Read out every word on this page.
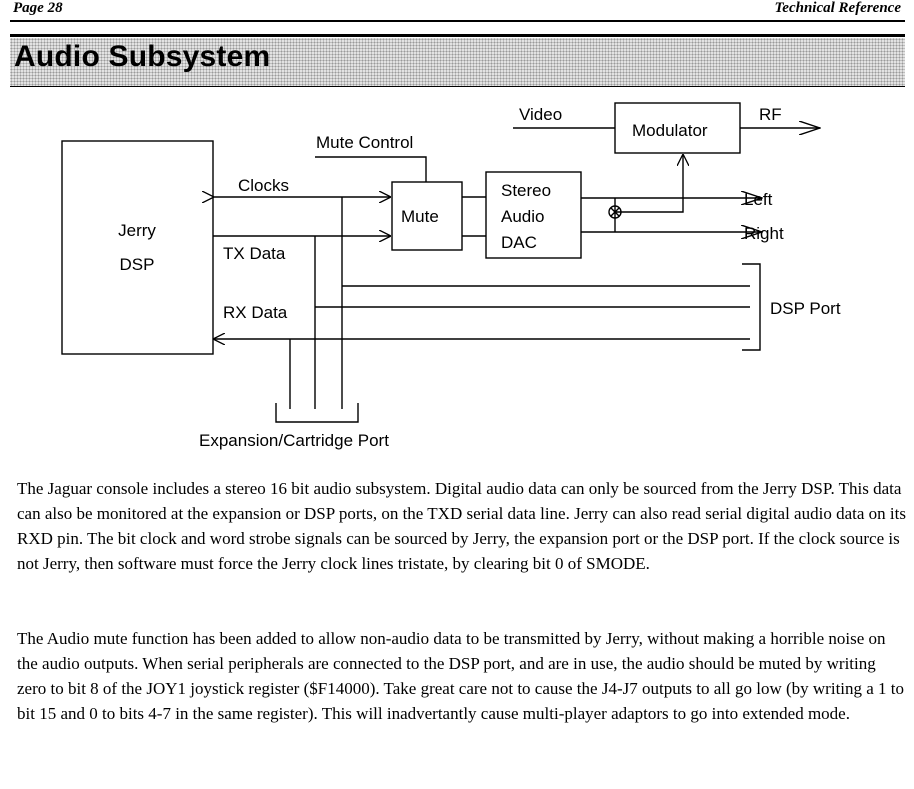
Page 28	Technical Reference
Audio Subsystem
Jerry
DSP
Clocks
TX Data
RX Data
Mute Control
Mute
Stereo
Audio
DAC
Video
Modulator
RF
Left
Right
DSP Port
Expansion/Cartridge Port

The Jaguar console includes a stereo 16 bit audio subsystem. Digital audio data can only be sourced from the Jerry DSP. This data can also be monitored at the expansion or DSP ports, on the TXD serial data line. Jerry can also read serial digital audio data on its RXD pin. The bit clock and word strobe signals can be sourced by Jerry, the expansion port or the DSP port. If the clock source is not Jerry, then software must force the Jerry clock lines tristate, by clearing bit 0 of SMODE.

The Audio mute function has been added to allow non-audio data to be transmitted by Jerry, without making a horrible noise on the audio outputs. When serial peripherals are connected to the DSP port, and are in use, the audio should be muted by writing zero to bit 8 of the JOY1 joystick register ($F14000). Take great care not to cause the J4-J7 outputs to all go low (by writing a 1 to bit 15 and 0 to bits 4-7 in the same register). This will inadvertantly cause multi-player adaptors to go into extended mode.
